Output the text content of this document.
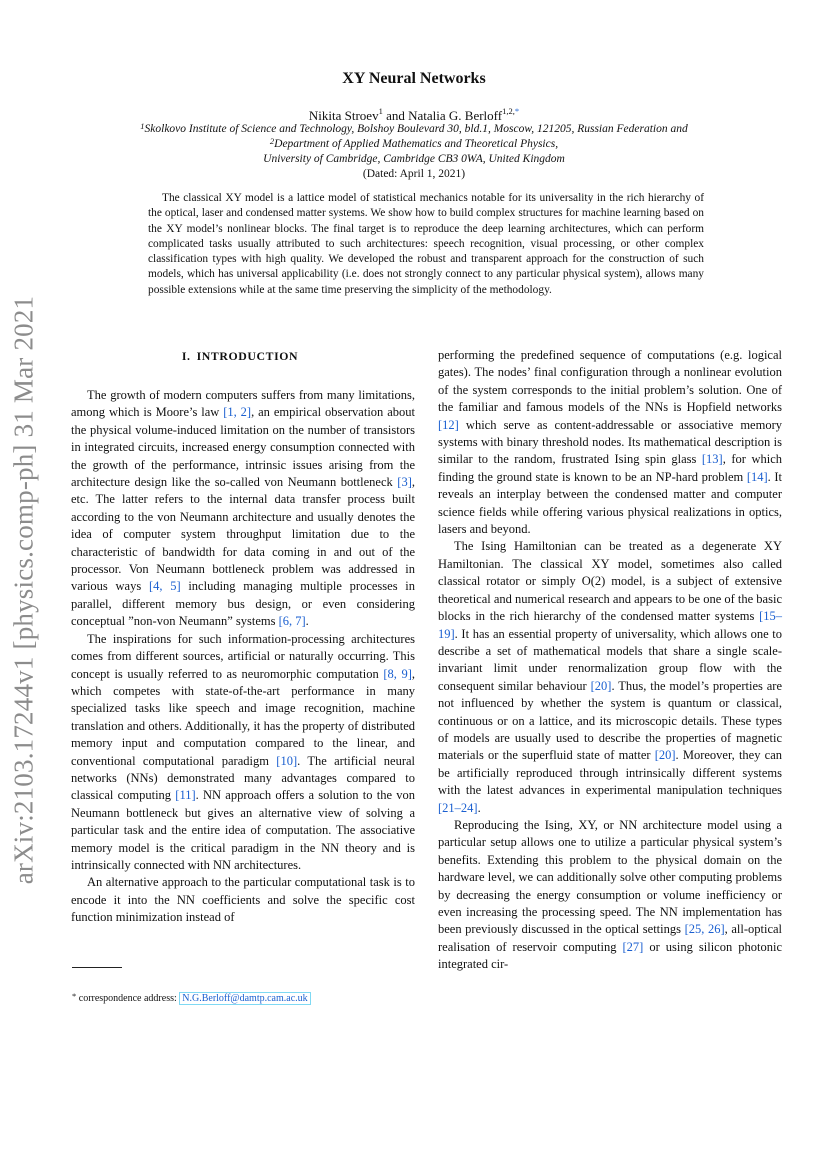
arXiv:2103.17244v1 [physics.comp-ph] 31 Mar 2021
XY Neural Networks
Nikita Stroev$^1$ and Natalia G. Berloff$^{1,2,*}$
$^1$Skolkovo Institute of Science and Technology, Bolshoy Boulevard 30, bld.1, Moscow, 121205, Russian Federation and
$^2$Department of Applied Mathematics and Theoretical Physics,
University of Cambridge, Cambridge CB3 0WA, United Kingdom
(Dated: April 1, 2021)
The classical XY model is a lattice model of statistical mechanics notable for its universality in the rich hierarchy of the optical, laser and condensed matter systems. We show how to build complex structures for machine learning based on the XY model’s nonlinear blocks. The final target is to reproduce the deep learning architectures, which can perform complicated tasks usually attributed to such architectures: speech recognition, visual processing, or other complex classification types with high quality. We developed the robust and transparent approach for the construction of such models, which has universal applicability (i.e. does not strongly connect to any particular physical system), allows many possible extensions while at the same time preserving the simplicity of the methodology.
I. INTRODUCTION

The growth of modern computers suffers from many limitations, among which is Moore’s law [1, 2], an empirical observation about the physical volume-induced limitation on the number of transistors in integrated circuits, increased energy consumption connected with the growth of the performance, intrinsic issues arising from the architecture design like the so-called von Neumann bottleneck [3], etc. The latter refers to the internal data transfer process built according to the von Neumann architecture and usually denotes the idea of computer system throughput limitation due to the characteristic of bandwidth for data coming in and out of the processor. Von Neumann bottleneck problem was addressed in various ways [4, 5] including managing multiple processes in parallel, different memory bus design, or even considering conceptual ”non-von Neumann” systems [6, 7].

The inspirations for such information-processing architectures comes from different sources, artificial or naturally occurring. This concept is usually referred to as neuromorphic computation [8, 9], which competes with state-of-the-art performance in many specialized tasks like speech and image recognition, machine translation and others. Additionally, it has the property of distributed memory input and computation compared to the linear, and conventional computational paradigm [10]. The artificial neural networks (NNs) demonstrated many advantages compared to classical computing [11]. NN approach offers a solution to the von Neumann bottleneck but gives an alternative view of solving a particular task and the entire idea of computation. The associative memory model is the critical paradigm in the NN theory and is intrinsically connected with NN architectures.

An alternative approach to the particular computational task is to encode it into the NN coefficients and solve the specific cost function minimization instead of

performing the predefined sequence of computations (e.g. logical gates). The nodes’ final configuration through a nonlinear evolution of the system corresponds to the initial problem’s solution. One of the familiar and famous models of the NNs is Hopfield networks [12] which serve as content-addressable or associative memory systems with binary threshold nodes. Its mathematical description is similar to the random, frustrated Ising spin glass [13], for which finding the ground state is known to be an NP-hard problem [14]. It reveals an interplay between the condensed matter and computer science fields while offering various physical realizations in optics, lasers and beyond.

The Ising Hamiltonian can be treated as a degenerate XY Hamiltonian. The classical XY model, sometimes also called classical rotator or simply O(2) model, is a subject of extensive theoretical and numerical research and appears to be one of the basic blocks in the rich hierarchy of the condensed matter systems [15–19]. It has an essential property of universality, which allows one to describe a set of mathematical models that share a single scale-invariant limit under renormalization group flow with the consequent similar behaviour [20]. Thus, the model’s properties are not influenced by whether the system is quantum or classical, continuous or on a lattice, and its microscopic details. These types of models are usually used to describe the properties of magnetic materials or the superfluid state of matter [20]. Moreover, they can be artificially reproduced through intrinsically different systems with the latest advances in experimental manipulation techniques [21–24].

Reproducing the Ising, XY, or NN architecture model using a particular setup allows one to utilize a particular physical system’s benefits. Extending this problem to the physical domain on the hardware level, we can additionally solve other computing problems by decreasing the energy consumption or volume inefficiency or even increasing the processing speed. The NN implementation has been previously discussed in the optical settings [25, 26], all-optical realisation of reservoir computing [27] or using silicon photonic integrated cir-

* correspondence address: N.G.Berloff@damtp.cam.ac.uk
